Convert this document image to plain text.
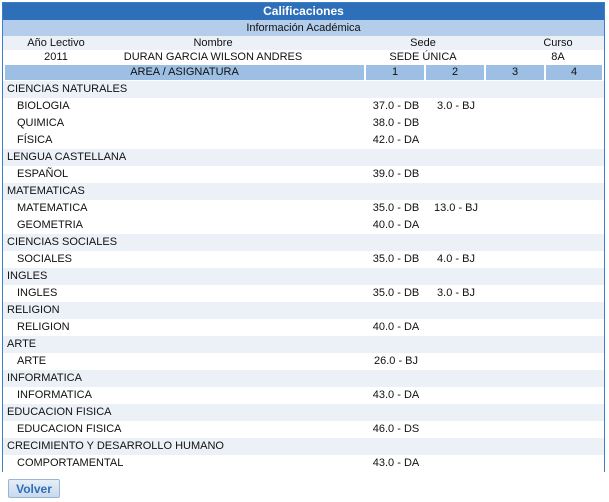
Calificaciones
Información Académica
Año Lectivo	Nombre	Sede	Curso
2011	DURAN GARCIA WILSON ANDRES	SEDE ÚNICA	8A
AREA / ASIGNATURA	1	2	3	4
CIENCIAS NATURALES
BIOLOGIA	37.0 - DB	3.0 - BJ
QUIMICA	38.0 - DB
FÍSICA	42.0 - DA
LENGUA CASTELLANA
ESPAÑOL	39.0 - DB
MATEMATICAS
MATEMATICA	35.0 - DB	13.0 - BJ
GEOMETRIA	40.0 - DA
CIENCIAS SOCIALES
SOCIALES	35.0 - DB	4.0 - BJ
INGLES
INGLES	35.0 - DB	3.0 - BJ
RELIGION
RELIGION	40.0 - DA
ARTE
ARTE	26.0 - BJ
INFORMATICA
INFORMATICA	43.0 - DA
EDUCACION FISICA
EDUCACION FISICA	46.0 - DS
CRECIMIENTO Y DESARROLLO HUMANO
COMPORTAMENTAL	43.0 - DA
Volver
